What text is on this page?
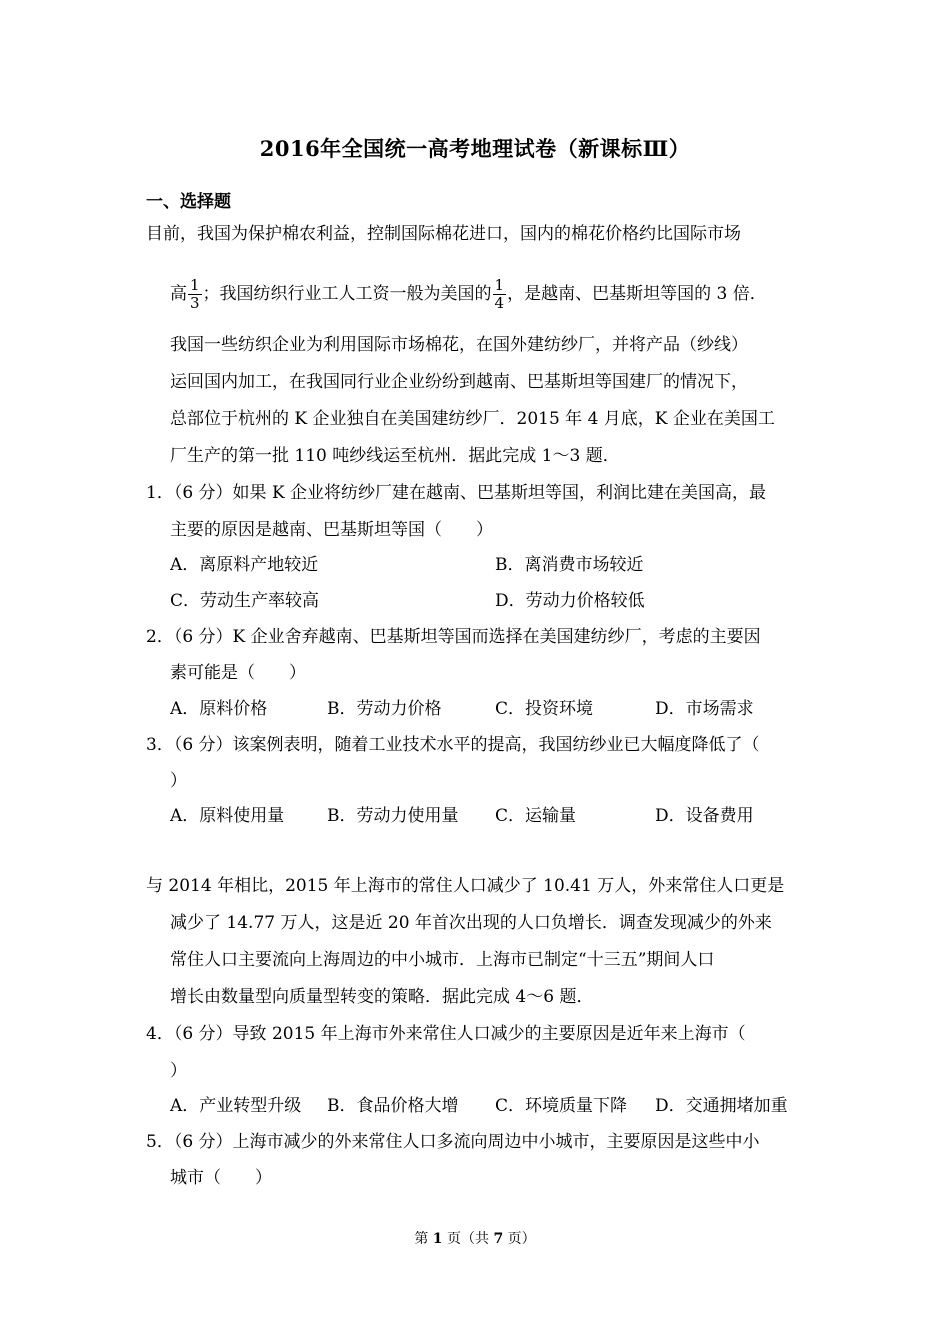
2016年全国统一高考地理试卷（新课标Ⅲ）
一、选择题
目前，我国为保护棉农利益，控制国际棉花进口，国内的棉花价格约比国际市场
高 $\frac{1}{3}$ ；我国纺织行业工人工资一般为美国的 $\frac{1}{4}$ ，是越南、巴基斯坦等国的 3 倍．
我国一些纺织企业为利用国际市场棉花，在国外建纺纱厂，并将产品（纱线）
运回国内加工，在我国同行业企业纷纷到越南、巴基斯坦等国建厂的情况下，
总部位于杭州的 K 企业独自在美国建纺纱厂．2015 年 4 月底，K 企业在美国工
厂生产的第一批 110 吨纱线运至杭州．据此完成 1～3 题．
1．（6 分）如果 K 企业将纺纱厂建在越南、巴基斯坦等国，利润比建在美国高，最
主要的原因是越南、巴基斯坦等国（　　）
A．离原料产地较近	B．离消费市场较近
C．劳动生产率较高	D．劳动力价格较低
2．（6 分）K 企业舍弃越南、巴基斯坦等国而选择在美国建纺纱厂，考虑的主要因
素可能是（　　）
A．原料价格	B．劳动力价格	C．投资环境	D．市场需求
3．（6 分）该案例表明，随着工业技术水平的提高，我国纺纱业已大幅度降低了（
）
A．原料使用量	B．劳动力使用量 C．运输量	D．设备费用
与 2014 年相比，2015 年上海市的常住人口减少了 10.41 万人，外来常住人口更是
减少了 14.77 万人，这是近 20 年首次出现的人口负增长．调查发现减少的外来
常住人口主要流向上海周边的中小城市．上海市已制定“十三五”期间人口
增长由数量型向质量型转变的策略．据此完成 4～6 题．
4．（6 分）导致 2015 年上海市外来常住人口减少的主要原因是近年来上海市（
）
A．产业转型升级 B．食品价格大增 C．环境质量下降 D．交通拥堵加重
5．（6 分）上海市减少的外来常住人口多流向周边中小城市，主要原因是这些中小
城市（　　）
第 1 页（共 7 页）
